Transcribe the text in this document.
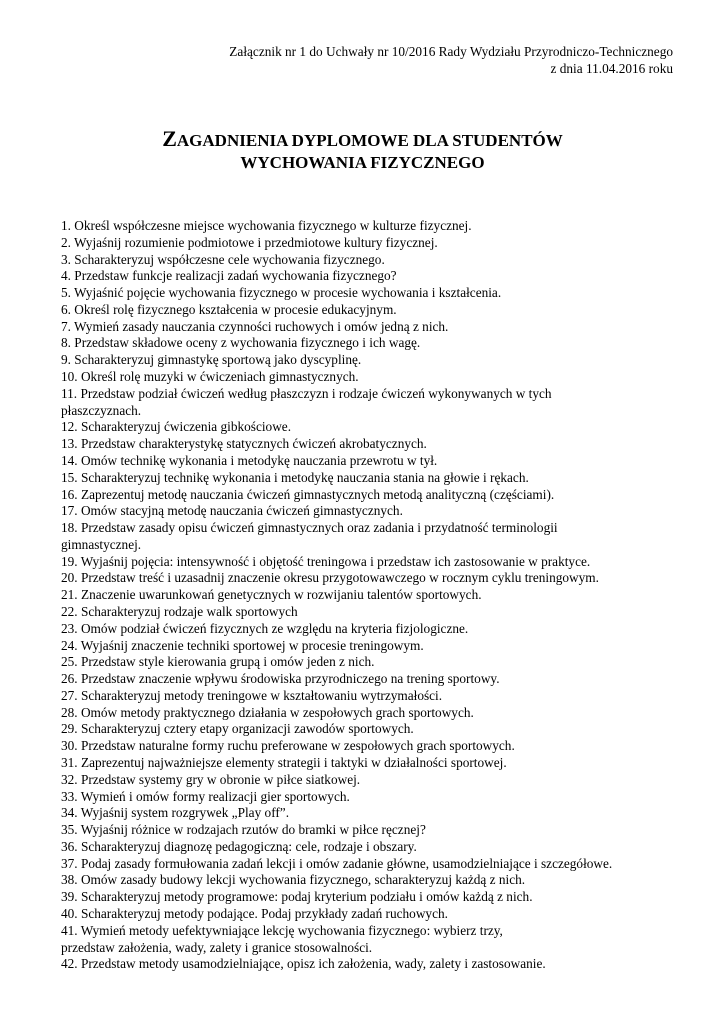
Załącznik nr 1 do Uchwały nr 10/2016 Rady Wydziału Przyrodniczo-Technicznego
z dnia 11.04.2016 roku
ZAGADNIENIA DYPLOMOWE DLA STUDENTÓW
WYCHOWANIA FIZYCZNEGO
1. Określ współczesne miejsce wychowania fizycznego w kulturze fizycznej.
2. Wyjaśnij rozumienie podmiotowe i przedmiotowe kultury fizycznej.
3. Scharakteryzuj współczesne cele wychowania fizycznego.
4. Przedstaw funkcje realizacji zadań wychowania fizycznego?
5. Wyjaśnić pojęcie wychowania fizycznego w procesie wychowania i kształcenia.
6. Określ rolę fizycznego kształcenia w procesie edukacyjnym.
7. Wymień zasady nauczania czynności ruchowych i omów jedną z nich.
8. Przedstaw składowe oceny z wychowania fizycznego i ich wagę.
9. Scharakteryzuj gimnastykę sportową jako dyscyplinę.
10. Określ rolę muzyki w ćwiczeniach gimnastycznych.
11. Przedstaw podział ćwiczeń według płaszczyzn i rodzaje ćwiczeń wykonywanych w tych
płaszczyznach.
12. Scharakteryzuj ćwiczenia gibkościowe.
13. Przedstaw charakterystykę statycznych ćwiczeń akrobatycznych.
14. Omów technikę wykonania i metodykę nauczania przewrotu w tył.
15. Scharakteryzuj technikę wykonania i metodykę nauczania stania na głowie i rękach.
16. Zaprezentuj metodę nauczania ćwiczeń gimnastycznych metodą analityczną (częściami).
17. Omów stacyjną metodę nauczania ćwiczeń gimnastycznych.
18. Przedstaw zasady opisu ćwiczeń gimnastycznych oraz zadania i przydatność terminologii
gimnastycznej.
19. Wyjaśnij pojęcia: intensywność i objętość treningowa i przedstaw ich zastosowanie w praktyce.
20. Przedstaw treść i uzasadnij znaczenie okresu przygotowawczego w rocznym cyklu treningowym.
21. Znaczenie uwarunkowań genetycznych w rozwijaniu talentów sportowych.
22. Scharakteryzuj rodzaje walk sportowych
23. Omów podział ćwiczeń fizycznych ze względu na kryteria fizjologiczne.
24. Wyjaśnij znaczenie techniki sportowej w procesie treningowym.
25. Przedstaw style kierowania grupą i omów jeden z nich.
26. Przedstaw znaczenie wpływu środowiska przyrodniczego na trening sportowy.
27. Scharakteryzuj metody treningowe w kształtowaniu wytrzymałości.
28. Omów metody praktycznego działania w zespołowych grach sportowych.
29. Scharakteryzuj cztery etapy organizacji zawodów sportowych.
30. Przedstaw naturalne formy ruchu preferowane w zespołowych grach sportowych.
31. Zaprezentuj najważniejsze elementy strategii i taktyki w działalności sportowej.
32. Przedstaw systemy gry w obronie w piłce siatkowej.
33. Wymień i omów formy realizacji gier sportowych.
34. Wyjaśnij system rozgrywek „Play off”.
35. Wyjaśnij różnice w rodzajach rzutów do bramki w piłce ręcznej?
36. Scharakteryzuj diagnozę pedagogiczną: cele, rodzaje i obszary.
37. Podaj zasady formułowania zadań lekcji i omów zadanie główne, usamodzielniające i szczegółowe.
38. Omów zasady budowy lekcji wychowania fizycznego, scharakteryzuj każdą z nich.
39. Scharakteryzuj metody programowe: podaj kryterium podziału i omów każdą z nich.
40. Scharakteryzuj metody podające. Podaj przykłady zadań ruchowych.
41. Wymień metody uefektywniające lekcję wychowania fizycznego: wybierz trzy,
przedstaw założenia, wady, zalety i granice stosowalności.
42. Przedstaw metody usamodzielniające, opisz ich założenia, wady, zalety i zastosowanie.
